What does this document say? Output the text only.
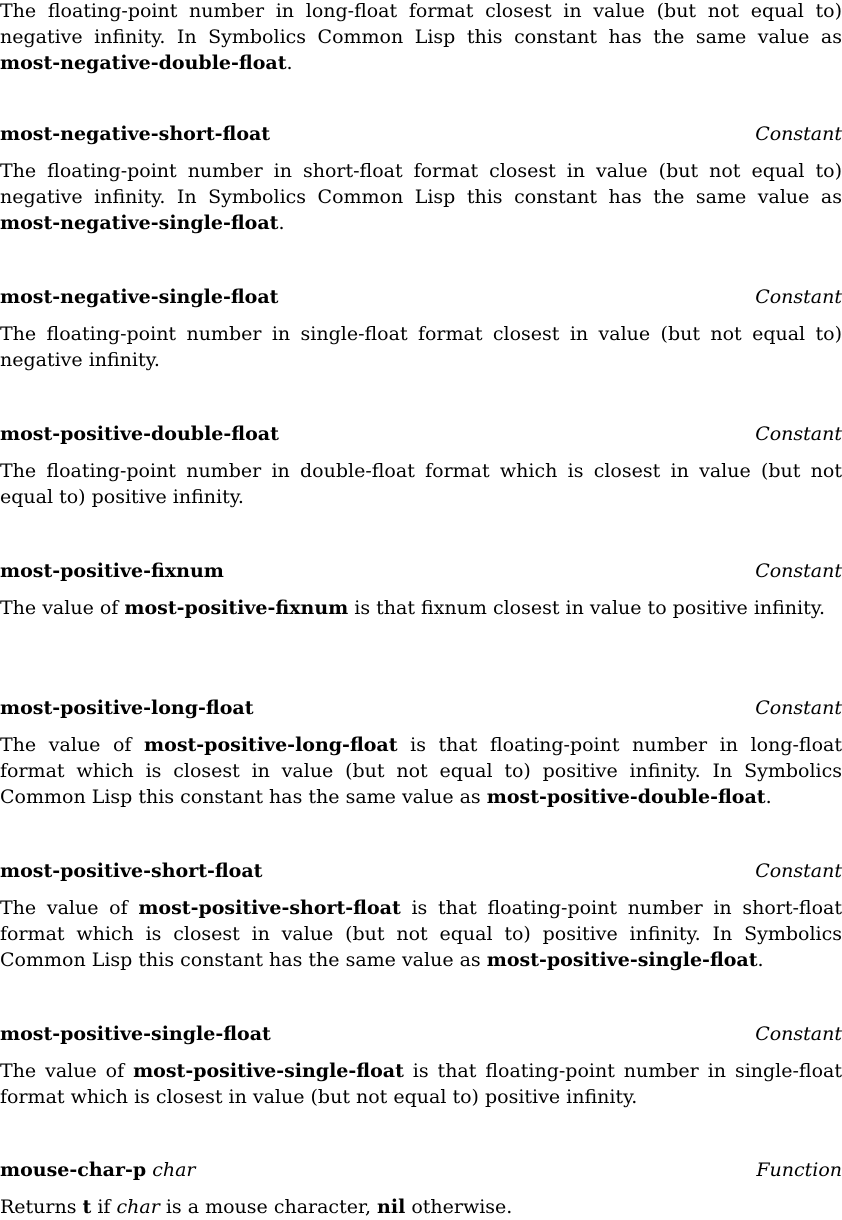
The floating-point number in long-float format closest in value (but not equal to) negative infinity. In Symbolics Common Lisp this constant has the same value as most-negative-double-float.

most-negative-short-float	Constant

The floating-point number in short-float format closest in value (but not equal to) negative infinity. In Symbolics Common Lisp this constant has the same value as most-negative-single-float.

most-negative-single-float	Constant

The floating-point number in single-float format closest in value (but not equal to) negative infinity.

most-positive-double-float	Constant

The floating-point number in double-float format which is closest in value (but not equal to) positive infinity.

most-positive-fixnum	Constant

The value of most-positive-fixnum is that fixnum closest in value to positive infinity.

most-positive-long-float	Constant

The value of most-positive-long-float is that floating-point number in long-float format which is closest in value (but not equal to) positive infinity. In Symbolics Common Lisp this constant has the same value as most-positive-double-float.

most-positive-short-float	Constant

The value of most-positive-short-float is that floating-point number in short-float format which is closest in value (but not equal to) positive infinity. In Symbolics Common Lisp this constant has the same value as most-positive-single-float.

most-positive-single-float	Constant

The value of most-positive-single-float is that floating-point number in single-float format which is closest in value (but not equal to) positive infinity.

mouse-char-p char	Function

Returns t if char is a mouse character, nil otherwise.
